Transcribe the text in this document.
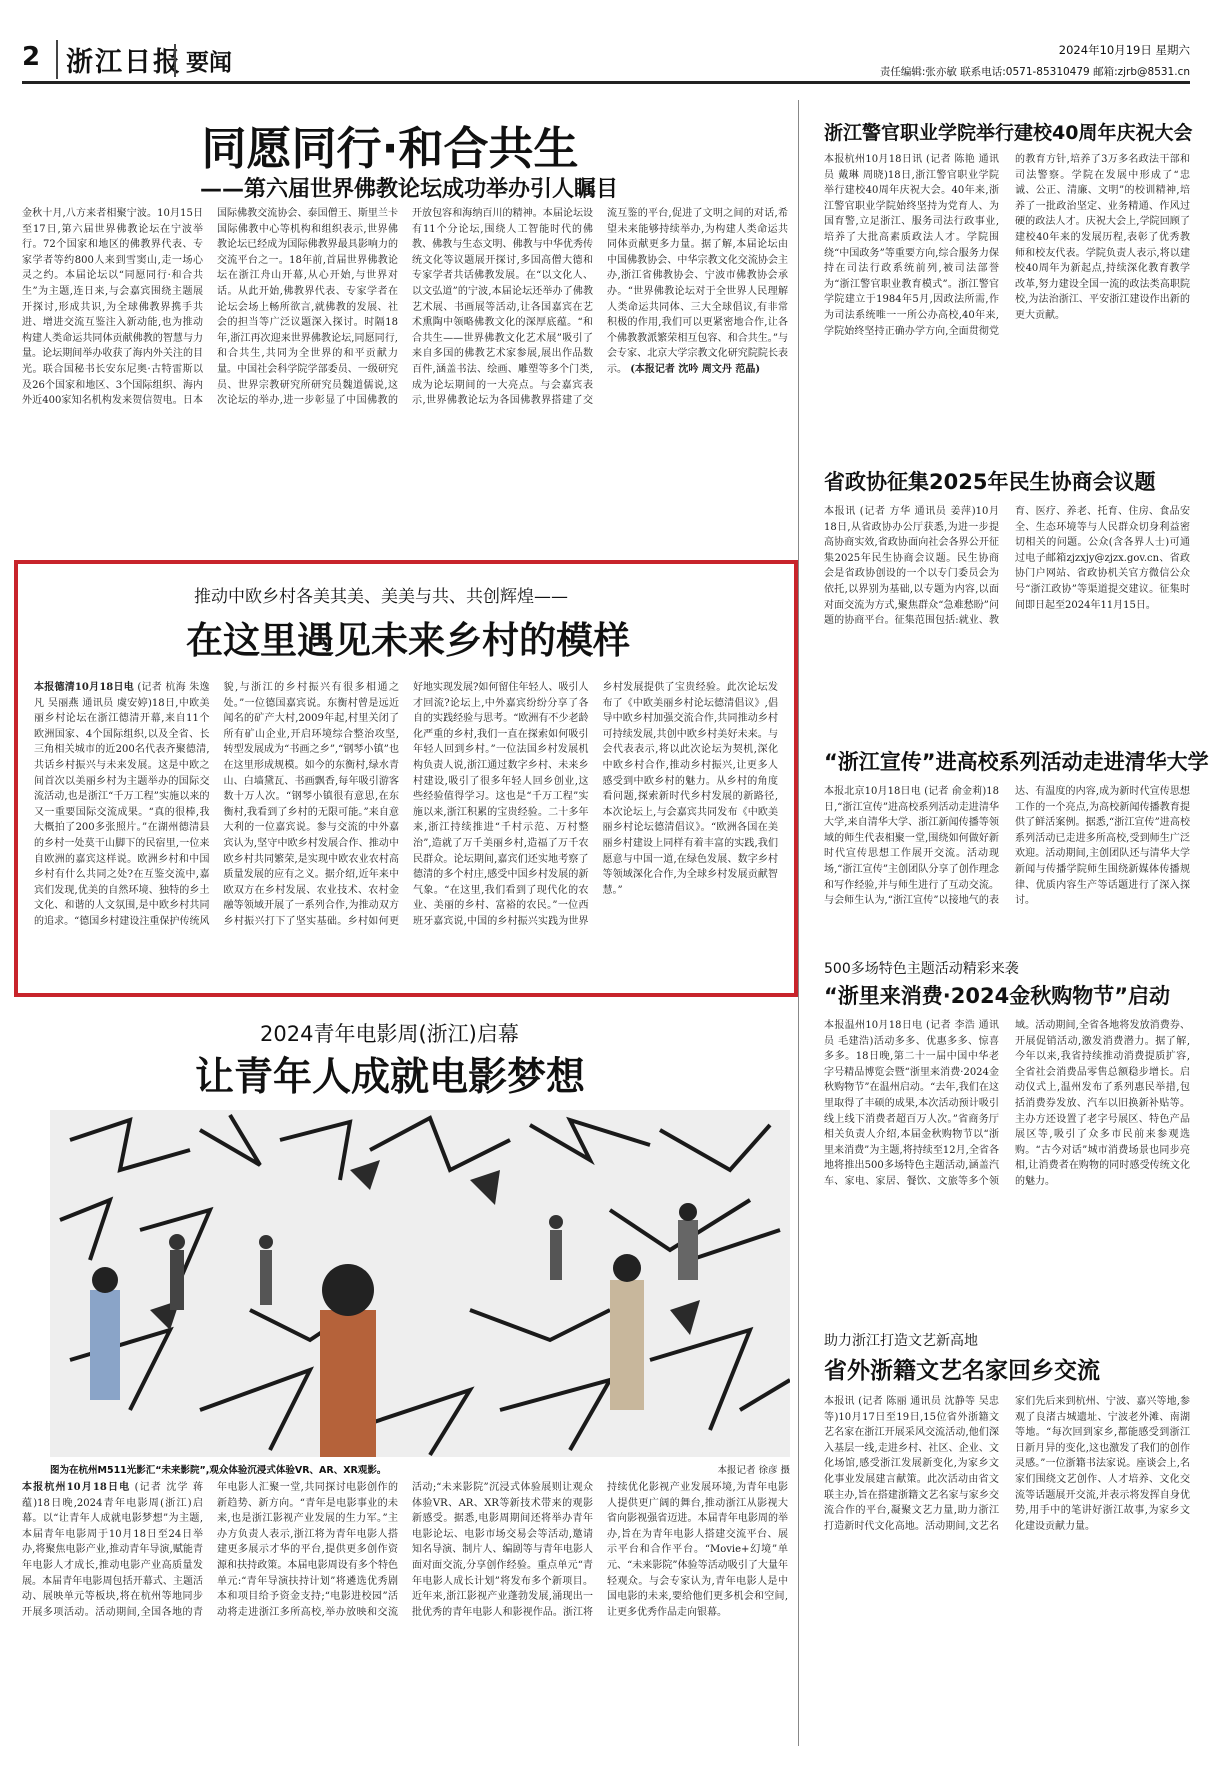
2 浙江日报 要闻	2024年10月19日 星期六
责任编辑:张亦敏 联系电话:0571-85310479 邮箱:zjrb@8531.cn
同愿同行·和合共生
——第六届世界佛教论坛成功举办引人瞩目
金秋十月,八方来者相聚宁波。10月15日至17日,第六届世界佛教论坛在宁波举行。72个国家和地区的佛教界代表、专家学者等约800人来到雪窦山,走一场心灵之约。本届论坛以“同愿同行·和合共生”为主题,连日来,与会嘉宾围绕主题展开探讨,形成共识,为全球佛教界携手共进、增进交流互鉴注入新动能,也为推动构建人类命运共同体贡献佛教的智慧与力量。论坛期间举办收获了海内外关注的目光。联合国秘书长安东尼奥·古特雷斯以及26个国家和地区、3个国际组织、海内外近400家知名机构发来贺信贺电。日本国际佛教交流协会、泰国僧王、斯里兰卡国际佛教中心等机构和组织表示,世界佛教论坛已经成为国际佛教界最具影响力的交流平台之一。18年前,首届世界佛教论坛在浙江舟山开幕,从心开始,与世界对话。从此开始,佛教界代表、专家学者在论坛会场上畅所欲言,就佛教的发展、社会的担当等广泛议题深入探讨。时隔18年,浙江再次迎来世界佛教论坛,同愿同行,和合共生,共同为全世界的和平贡献力量。中国社会科学院学部委员、一级研究员、世界宗教研究所研究员魏道儒说,这次论坛的举办,进一步彰显了中国佛教的开放包容和海纳百川的精神。本届论坛设有11个分论坛,围绕人工智能时代的佛教、佛教与生态文明、佛教与中华优秀传统文化等议题展开探讨,多国高僧大德和专家学者共话佛教发展。在“以文化人、以文弘道”的宁波,本届论坛还举办了佛教艺术展、书画展等活动,让各国嘉宾在艺术熏陶中领略佛教文化的深厚底蕴。“和合共生——世界佛教文化艺术展”吸引了来自多国的佛教艺术家参展,展出作品数百件,涵盖书法、绘画、雕塑等多个门类,成为论坛期间的一大亮点。与会嘉宾表示,世界佛教论坛为各国佛教界搭建了交流互鉴的平台,促进了文明之间的对话,希望未来能够持续举办,为构建人类命运共同体贡献更多力量。据了解,本届论坛由中国佛教协会、中华宗教文化交流协会主办,浙江省佛教协会、宁波市佛教协会承办。“世界佛教论坛对于全世界人民理解人类命运共同体、三大全球倡议,有非常积极的作用,我们可以更紧密地合作,让各个佛教教派繁荣相互包容、和合共生。”与会专家、北京大学宗教文化研究院院长表示。 (本报记者 沈吟 周文丹 范晶)
推动中欧乡村各美其美、美美与共、共创辉煌——
在这里遇见未来乡村的模样
本报德清10月18日电 (记者 杭海 朱逸凡 吴丽燕 通讯员 虞安婷)18日,中欧美丽乡村论坛在浙江德清开幕,来自11个欧洲国家、4个国际组织,以及全省、长三角相关城市的近200名代表齐聚德清,共话乡村振兴与未来发展。这是中欧之间首次以美丽乡村为主题举办的国际交流活动,也是浙江“千万工程”实施以来的又一重要国际交流成果。“真的很棒,我大概拍了200多张照片。”在湖州德清县的乡村一处莫干山脚下的民宿里,一位来自欧洲的嘉宾这样说。欧洲乡村和中国乡村有什么共同之处?在互鉴交流中,嘉宾们发现,优美的自然环境、独特的乡土文化、和谐的人文氛围,是中欧乡村共同的追求。“德国乡村建设注重保护传统风貌,与浙江的乡村振兴有很多相通之处。”一位德国嘉宾说。东衡村曾是远近闻名的矿产大村,2009年起,村里关闭了所有矿山企业,开启环境综合整治攻坚,转型发展成为“书画之乡”,“钢琴小镇”也在这里形成规模。如今的东衡村,绿水青山、白墙黛瓦、书画飘香,每年吸引游客数十万人次。“钢琴小镇很有意思,在东衡村,我看到了乡村的无限可能。”来自意大利的一位嘉宾说。参与交流的中外嘉宾认为,坚守中欧乡村发展合作、推动中欧乡村共同繁荣,是实现中欧农业农村高质量发展的应有之义。据介绍,近年来中欧双方在乡村发展、农业技术、农村金融等领域开展了一系列合作,为推动双方乡村振兴打下了坚实基础。乡村如何更好地实现发展?如何留住年轻人、吸引人才回流?论坛上,中外嘉宾纷纷分享了各自的实践经验与思考。“欧洲有不少老龄化严重的乡村,我们一直在探索如何吸引年轻人回到乡村。”一位法国乡村发展机构负责人说,浙江通过数字乡村、未来乡村建设,吸引了很多年轻人回乡创业,这些经验值得学习。这也是“千万工程”实施以来,浙江积累的宝贵经验。二十多年来,浙江持续推进“千村示范、万村整治”,造就了万千美丽乡村,造福了万千农民群众。论坛期间,嘉宾们还实地考察了德清的多个村庄,感受中国乡村发展的新气象。“在这里,我们看到了现代化的农业、美丽的乡村、富裕的农民。”一位西班牙嘉宾说,中国的乡村振兴实践为世界乡村发展提供了宝贵经验。此次论坛发布了《中欧美丽乡村论坛德清倡议》,倡导中欧乡村加强交流合作,共同推动乡村可持续发展,共创中欧乡村美好未来。与会代表表示,将以此次论坛为契机,深化中欧乡村合作,推动乡村振兴,让更多人感受到中欧乡村的魅力。从乡村的角度看问题,探索新时代乡村发展的新路径,本次论坛上,与会嘉宾共同发布《中欧美丽乡村论坛德清倡议》。“欧洲各国在美丽乡村建设上同样有着丰富的实践,我们愿意与中国一道,在绿色发展、数字乡村等领域深化合作,为全球乡村发展贡献智慧。”
2024青年电影周(浙江)启幕
让青年人成就电影梦想
图为在杭州M511光影汇“未来影院”,观众体验沉浸式体验VR、AR、XR观影。	本报记者 徐彦 摄
本报杭州10月18日电 (记者 沈学 蒋蕴)18日晚,2024青年电影周(浙江)启幕。以“让青年人成就电影梦想”为主题,本届青年电影周于10月18日至24日举办,将聚焦电影产业,推动青年导演,赋能青年电影人才成长,推动电影产业高质量发展。本届青年电影周包括开幕式、主题活动、展映单元等板块,将在杭州等地同步开展多项活动。活动期间,全国各地的青年电影人汇聚一堂,共同探讨电影创作的新趋势、新方向。“青年是电影事业的未来,也是浙江影视产业发展的生力军。”主办方负责人表示,浙江将为青年电影人搭建更多展示才华的平台,提供更多创作资源和扶持政策。本届电影周设有多个特色单元:“青年导演扶持计划”将遴选优秀剧本和项目给予资金支持;“电影进校园”活动将走进浙江多所高校,举办放映和交流活动;“未来影院”沉浸式体验展则让观众体验VR、AR、XR等新技术带来的观影新感受。据悉,电影周期间还将举办青年电影论坛、电影市场交易会等活动,邀请知名导演、制片人、编剧等与青年电影人面对面交流,分享创作经验。重点单元“青年电影人成长计划”将发布多个新项目。近年来,浙江影视产业蓬勃发展,涌现出一批优秀的青年电影人和影视作品。浙江将持续优化影视产业发展环境,为青年电影人提供更广阔的舞台,推动浙江从影视大省向影视强省迈进。本届青年电影周的举办,旨在为青年电影人搭建交流平台、展示平台和合作平台。“Movie+幻境”单元、“未来影院”体验等活动吸引了大量年轻观众。与会专家认为,青年电影人是中国电影的未来,要给他们更多机会和空间,让更多优秀作品走向银幕。
浙江警官职业学院举行建校40周年庆祝大会
本报杭州10月18日讯 (记者 陈艳 通讯员 戴琳 周晓)18日,浙江警官职业学院举行建校40周年庆祝大会。40年来,浙江警官职业学院始终坚持为党育人、为国育警,立足浙江、服务司法行政事业,培养了大批高素质政法人才。学院围绕“中国政务”等重要方向,综合服务力保持在司法行政系统前列,被司法部誉为“浙江警官职业教育模式”。浙江警官学院建立于1984年5月,因政法所需,作为司法系统唯一一所公办高校,40年来,学院始终坚持正确办学方向,全面贯彻党的教育方针,培养了3万多名政法干部和司法警察。学院在发展中形成了“忠诚、公正、清廉、文明”的校训精神,培养了一批政治坚定、业务精通、作风过硬的政法人才。庆祝大会上,学院回顾了建校40年来的发展历程,表彰了优秀教师和校友代表。学院负责人表示,将以建校40周年为新起点,持续深化教育教学改革,努力建设全国一流的政法类高职院校,为法治浙江、平安浙江建设作出新的更大贡献。
省政协征集2025年民生协商会议题
本报讯 (记者 方华 通讯员 姜萍)10月18日,从省政协办公厅获悉,为进一步提高协商实效,省政协面向社会各界公开征集2025年民生协商会议题。民生协商会是省政协创设的一个以专门委员会为依托,以界别为基础,以专题为内容,以面对面交流为方式,聚焦群众“急难愁盼”问题的协商平台。征集范围包括:就业、教育、医疗、养老、托育、住房、食品安全、生态环境等与人民群众切身利益密切相关的问题。公众(含各界人士)可通过电子邮箱zjzxjy@zjzx.gov.cn、省政协门户网站、省政协机关官方微信公众号“浙江政协”等渠道提交建议。征集时间即日起至2024年11月15日。
“浙江宣传”进高校系列活动走进清华大学
本报北京10月18日电 (记者 俞金莉)18日,“浙江宣传”进高校系列活动走进清华大学,来自清华大学、浙江新闻传播等领域的师生代表相聚一堂,围绕如何做好新时代宣传思想工作展开交流。活动现场,“浙江宣传”主创团队分享了创作理念和写作经验,并与师生进行了互动交流。与会师生认为,“浙江宣传”以接地气的表达、有温度的内容,成为新时代宣传思想工作的一个亮点,为高校新闻传播教育提供了鲜活案例。据悉,“浙江宣传”进高校系列活动已走进多所高校,受到师生广泛欢迎。活动期间,主创团队还与清华大学新闻与传播学院师生围绕新媒体传播规律、优质内容生产等话题进行了深入探讨。
500多场特色主题活动精彩来袭
“浙里来消费·2024金秋购物节”启动
本报温州10月18日电 (记者 李浩 通讯员 毛建浩)活动多多、优惠多多、惊喜多多。18日晚,第二十一届中国中华老字号精品博览会暨“浙里来消费·2024金秋购物节”在温州启动。“去年,我们在这里取得了丰硕的成果,本次活动预计吸引线上线下消费者超百万人次。”省商务厅相关负责人介绍,本届金秋购物节以“浙里来消费”为主题,将持续至12月,全省各地将推出500多场特色主题活动,涵盖汽车、家电、家居、餐饮、文旅等多个领域。活动期间,全省各地将发放消费券、开展促销活动,激发消费潜力。据了解,今年以来,我省持续推动消费提质扩容,全省社会消费品零售总额稳步增长。启动仪式上,温州发布了系列惠民举措,包括消费券发放、汽车以旧换新补贴等。主办方还设置了老字号展区、特色产品展区等,吸引了众多市民前来参观选购。“古今对话”城市消费场景也同步亮相,让消费者在购物的同时感受传统文化的魅力。
助力浙江打造文艺新高地
省外浙籍文艺名家回乡交流
本报讯 (记者 陈丽 通讯员 沈静等 吴忠等)10月17日至19日,15位省外浙籍文艺名家在浙江开展采风交流活动,他们深入基层一线,走进乡村、社区、企业、文化场馆,感受浙江发展新变化,为家乡文化事业发展建言献策。此次活动由省文联主办,旨在搭建浙籍文艺名家与家乡交流合作的平台,凝聚文艺力量,助力浙江打造新时代文化高地。活动期间,文艺名家们先后来到杭州、宁波、嘉兴等地,参观了良渚古城遗址、宁波老外滩、南湖等地。“每次回到家乡,都能感受到浙江日新月异的变化,这也激发了我们的创作灵感。”一位浙籍书法家说。座谈会上,名家们围绕文艺创作、人才培养、文化交流等话题展开交流,并表示将发挥自身优势,用手中的笔讲好浙江故事,为家乡文化建设贡献力量。
